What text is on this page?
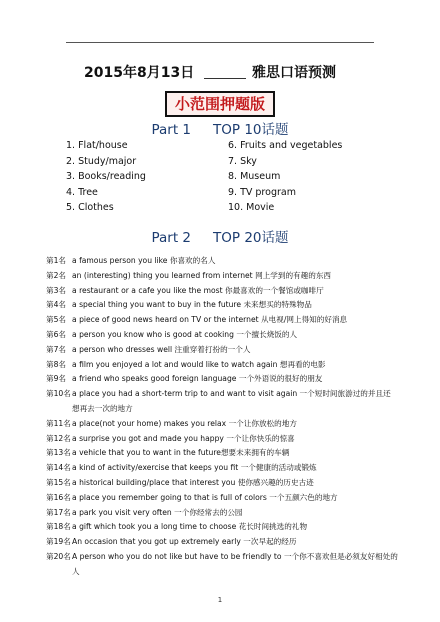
2015年8月13日	雅思口语预测
小范围押题版
Part 1 TOP 10话题
1. Flat/house
2. Study/major
3. Books/reading
4. Tree
5. Clothes
6. Fruits and vegetables
7. Sky
8. Museum
9. TV program
10. Movie
Part 2 TOP 20话题
第1名 a famous person you like 你喜欢的名人
第2名 an (interesting) thing you learned from internet 网上学到的有趣的东西
第3名 a restaurant or a cafe you like the most 你最喜欢的一个餐馆或咖啡厅
第4名 a special thing you want to buy in the future 未来想买的特殊物品
第5名 a piece of good news heard on TV or the internet 从电视/网上得知的好消息
第6名 a person you know who is good at cooking 一个擅长烧饭的人
第7名 a person who dresses well 注重穿着打扮的一个人
第8名 a film you enjoyed a lot and would like to watch again 想再看的电影
第9名 a friend who speaks good foreign language 一个外语说的很好的朋友
第10名 a place you had a short-term trip to and want to visit again 一个短时间旅游过的并且还想再去一次的地方
第11名 a place(not your home) makes you relax 一个让你放松的地方
第12名 a surprise you got and made you happy 一个让你快乐的惊喜
第13名 a vehicle that you to want in the future想要未来拥有的车辆
第14名 a kind of activity/exercise that keeps you fit 一个健康的活动或锻炼
第15名 a historical building/place that interest you 使你感兴趣的历史古迹
第16名 a place you remember going to that is full of colors 一个五颜六色的地方
第17名 a park you visit very often 一个你经常去的公园
第18名 a gift which took you a long time to choose 花长时间挑选的礼物
第19名 An occasion that you got up extremely early 一次早起的经历
第20名 A person who you do not like but have to be friendly to 一个你不喜欢但是必须友好相处的人
1
